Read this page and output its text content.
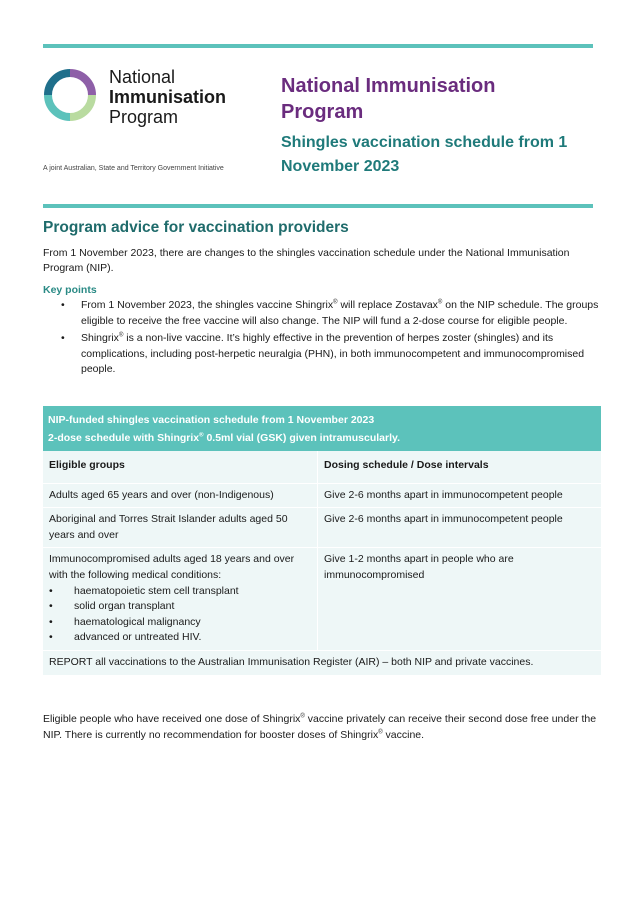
National
Immunisation
Program
A joint Australian, State and Territory Government Initiative
National Immunisation Program
Shingles vaccination schedule from 1 November 2023
Program advice for vaccination providers

From 1 November 2023, there are changes to the shingles vaccination schedule under the National Immunisation Program (NIP).

Key points
• From 1 November 2023, the shingles vaccine Shingrix® will replace Zostavax® on the NIP schedule. The groups eligible to receive the free vaccine will also change. The NIP will fund a 2-dose course for eligible people.
• Shingrix® is a non-live vaccine. It’s highly effective in the prevention of herpes zoster (shingles) and its complications, including post-herpetic neuralgia (PHN), in both immunocompetent and immunocompromised people.
NIP-funded shingles vaccination schedule from 1 November 2023
2-dose schedule with Shingrix® 0.5ml vial (GSK) given intramuscularly.
Eligible groups	Dosing schedule / Dose intervals
Adults aged 65 years and over (non-Indigenous)	Give 2-6 months apart in immunocompetent people
Aboriginal and Torres Strait Islander adults aged 50 years and over
Give 2-6 months apart in immunocompetent people
Immunocompromised adults aged 18 years and over with the following medical conditions:
• haematopoietic stem cell transplant
• solid organ transplant
• haematological malignancy
• advanced or untreated HIV.
Give 1-2 months apart in people who are immunocompromised
REPORT all vaccinations to the Australian Immunisation Register (AIR) – both NIP and private vaccines.

Eligible people who have received one dose of Shingrix® vaccine privately can receive their second dose free under the NIP. There is currently no recommendation for booster doses of Shingrix® vaccine.
